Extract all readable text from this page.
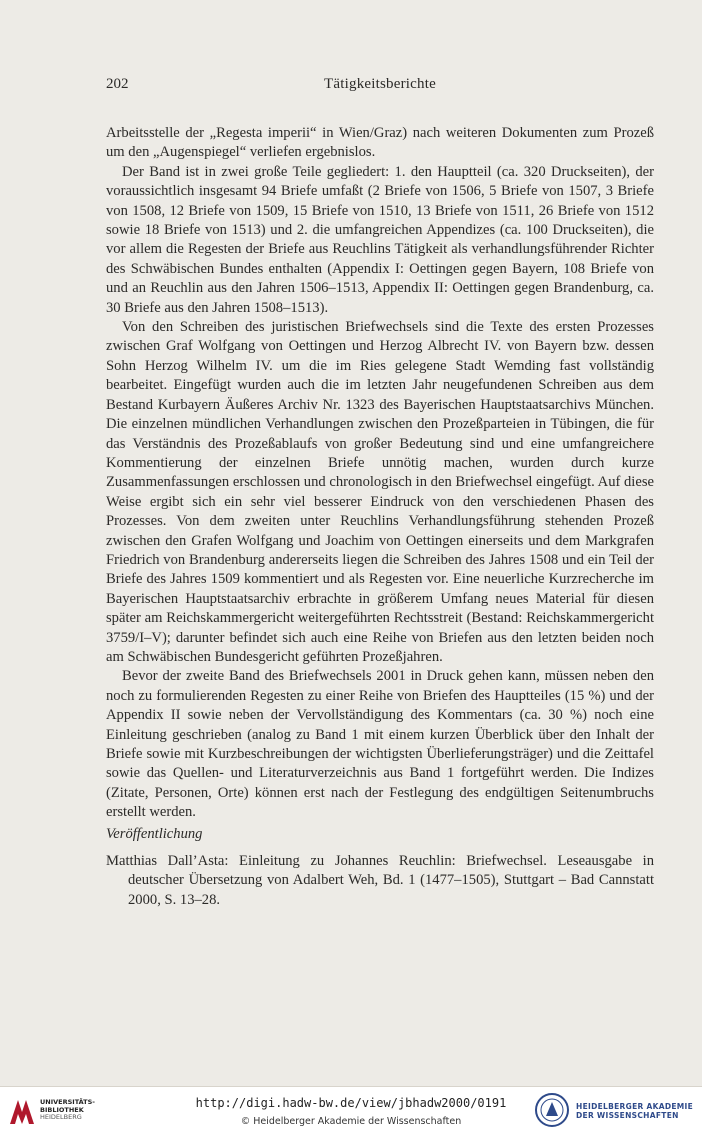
202	Tätigkeitsberichte

Arbeitsstelle der „Regesta imperii“ in Wien/Graz) nach weiteren Dokumenten zum Prozeß um den „Augenspiegel“ verliefen ergebnislos.

Der Band ist in zwei große Teile gegliedert: 1. den Hauptteil (ca. 320 Druckseiten), der voraussichtlich insgesamt 94 Briefe umfaßt (2 Briefe von 1506, 5 Briefe von 1507, 3 Briefe von 1508, 12 Briefe von 1509, 15 Briefe von 1510, 13 Briefe von 1511, 26 Briefe von 1512 sowie 18 Briefe von 1513) und 2. die umfangreichen Appendizes (ca. 100 Druckseiten), die vor allem die Regesten der Briefe aus Reuchlins Tätigkeit als verhandlungsführender Richter des Schwäbischen Bundes enthalten (Appendix I: Oettingen gegen Bayern, 108 Briefe von und an Reuchlin aus den Jahren 1506–1513, Appendix II: Oettingen gegen Brandenburg, ca. 30 Briefe aus den Jahren 1508–1513).

Von den Schreiben des juristischen Briefwechsels sind die Texte des ersten Prozesses zwischen Graf Wolfgang von Oettingen und Herzog Albrecht IV. von Bayern bzw. dessen Sohn Herzog Wilhelm IV. um die im Ries gelegene Stadt Wemding fast vollständig bearbeitet. Eingefügt wurden auch die im letzten Jahr neugefundenen Schreiben aus dem Bestand Kurbayern Äußeres Archiv Nr. 1323 des Bayerischen Hauptstaatsarchivs München. Die einzelnen mündlichen Verhandlungen zwischen den Prozeßparteien in Tübingen, die für das Verständnis des Prozeßablaufs von großer Bedeutung sind und eine umfangreichere Kommentierung der einzelnen Briefe unnötig machen, wurden durch kurze Zusammenfassungen erschlossen und chronologisch in den Briefwechsel eingefügt. Auf diese Weise ergibt sich ein sehr viel besserer Eindruck von den verschiedenen Phasen des Prozesses. Von dem zweiten unter Reuchlins Verhandlungsführung stehenden Prozeß zwischen den Grafen Wolfgang und Joachim von Oettingen einerseits und dem Markgrafen Friedrich von Brandenburg andererseits liegen die Schreiben des Jahres 1508 und ein Teil der Briefe des Jahres 1509 kommentiert und als Regesten vor. Eine neuerliche Kurzrecherche im Bayerischen Hauptstaatsarchiv erbrachte in größerem Umfang neues Material für diesen später am Reichskammergericht weitergeführten Rechtsstreit (Bestand: Reichskammergericht 3759/I–V); darunter befindet sich auch eine Reihe von Briefen aus den letzten beiden noch am Schwäbischen Bundesgericht geführten Prozeßjahren.

Bevor der zweite Band des Briefwechsels 2001 in Druck gehen kann, müssen neben den noch zu formulierenden Regesten zu einer Reihe von Briefen des Hauptteiles (15 %) und der Appendix II sowie neben der Vervollständigung des Kommentars (ca. 30 %) noch eine Einleitung geschrieben (analog zu Band 1 mit einem kurzen Überblick über den Inhalt der Briefe sowie mit Kurzbeschreibungen der wichtigsten Überlieferungsträger) und die Zeittafel sowie das Quellen- und Literaturverzeichnis aus Band 1 fortgeführt werden. Die Indizes (Zitate, Personen, Orte) können erst nach der Festlegung des endgültigen Seitenumbruchs erstellt werden.

Veröffentlichung
Matthias Dall’Asta: Einleitung zu Johannes Reuchlin: Briefwechsel. Leseausgabe in deutscher Übersetzung von Adalbert Weh, Bd. 1 (1477–1505), Stuttgart – Bad Cannstatt 2000, S. 13–28.
UNIVERSITÄTS-
BIBLIOTHEK
HEIDELBERG
http://digi.hadw-bw.de/view/jbhadw2000/0191
© Heidelberger Akademie der Wissenschaften
HEIDELBERGER AKADEMIE
DER WISSENSCHAFTEN
